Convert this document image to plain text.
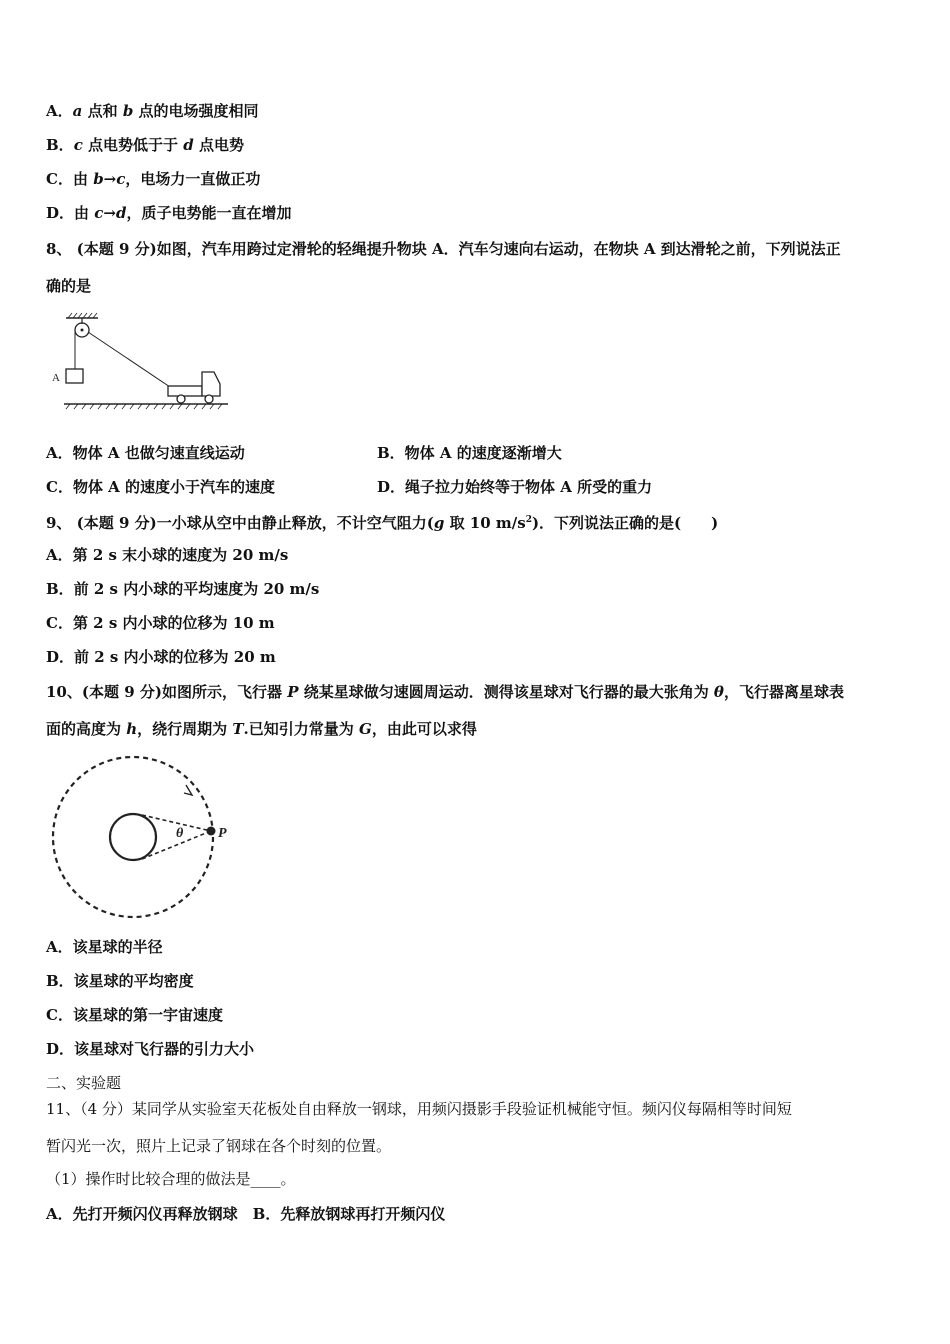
A．a 点和 b 点的电场强度相同
B．c 点电势低于于 d 点电势
C．由 b→c，电场力一直做正功
D．由 c→d，质子电势能一直在增加
8、 (本题 9 分)如图，汽车用跨过定滑轮的轻绳提升物块 A．汽车匀速向右运动，在物块 A 到达滑轮之前，下列说法正
确的是
A
A．物体 A 也做匀速直线运动	B．物体 A 的速度逐渐增大
C．物体 A 的速度小于汽车的速度	D．绳子拉力始终等于物体 A 所受的重力
9、 (本题 9 分)一小球从空中由静止释放，不计空气阻力(g 取 10 $m/s^2$)．下列说法正确的是(　　)
A．第 2 s 末小球的速度为 20 m/s
B．前 2 s 内小球的平均速度为 20 m/s
C．第 2 s 内小球的位移为 10 m
D．前 2 s 内小球的位移为 20 m
10、(本题 9 分)如图所示，飞行器 P 绕某星球做匀速圆周运动．测得该星球对飞行器的最大张角为 θ，飞行器离星球表
面的高度为 h，绕行周期为 T.已知引力常量为 G，由此可以求得
θ P
A．该星球的半径
B．该星球的平均密度
C．该星球的第一宇宙速度
D．该星球对飞行器的引力大小
二、实验题
11、（4 分）某同学从实验室天花板处自由释放一钢球，用频闪摄影手段验证机械能守恒。频闪仪每隔相等时间短
暂闪光一次，照片上记录了钢球在各个时刻的位置。
（1）操作时比较合理的做法是____。
A．先打开频闪仪再释放钢球　B．先释放钢球再打开频闪仪
